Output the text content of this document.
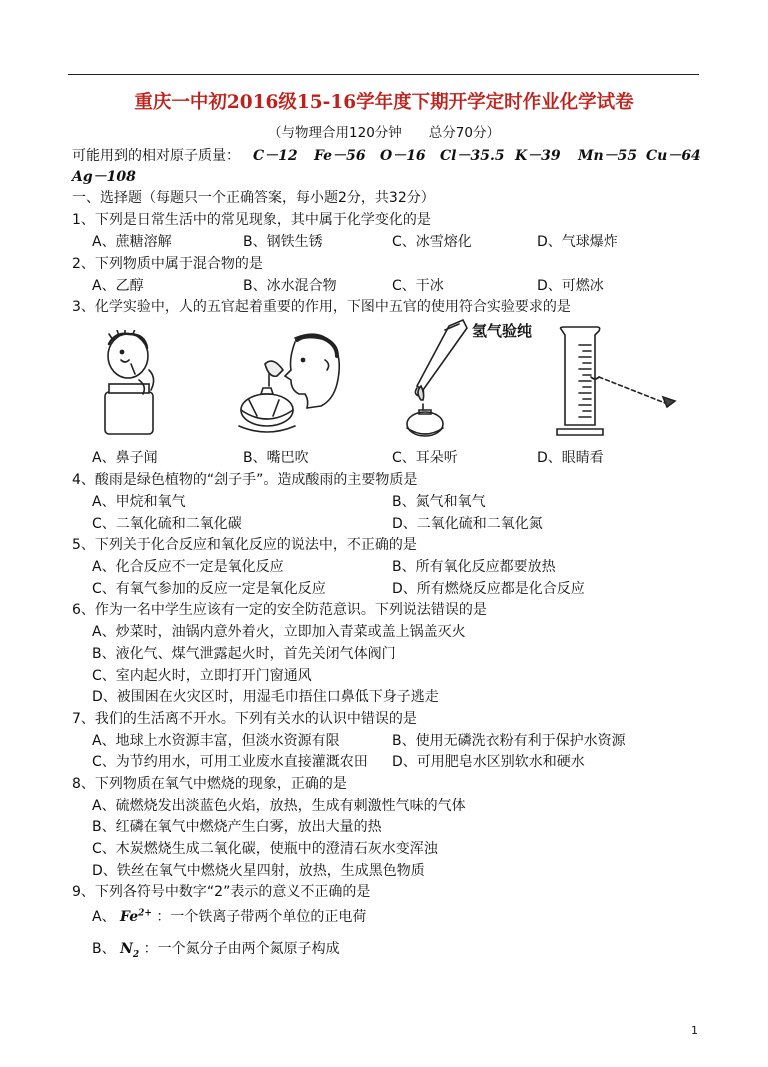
重庆一中初2016级15-16学年度下期开学定时作业化学试卷
（与物理合用120分钟　　总分70分）
可能用到的相对原子质量： C－12 Fe－56 O－16 Cl－35.5 K－39 Mn－55 Cu－64
Ag－108
一、选择题（每题只一个正确答案，每小题2分，共32分）
1、下列是日常生活中的常见现象，其中属于化学变化的是
A、蔗糖溶解	B、钢铁生锈	C、冰雪熔化	D、气球爆炸
2、下列物质中属于混合物的是
A、乙醇	B、冰水混合物	C、干冰	D、可燃冰
3、化学实验中，人的五官起着重要的作用，下图中五官的使用符合实验要求的是
氢气验纯
A、鼻子闻	B、嘴巴吹	C、耳朵听	D、眼睛看
4、酸雨是绿色植物的“刽子手”。造成酸雨的主要物质是
A、甲烷和氧气	B、氮气和氧气
C、二氧化硫和二氧化碳	D、二氧化硫和二氧化氮
5、下列关于化合反应和氧化反应的说法中，不正确的是
A、化合反应不一定是氧化反应	B、所有氧化反应都要放热
C、有氧气参加的反应一定是氧化反应	D、所有燃烧反应都是化合反应
6、作为一名中学生应该有一定的安全防范意识。下列说法错误的是
A、炒菜时，油锅内意外着火，立即加入青菜或盖上锅盖灭火
B、液化气、煤气泄露起火时，首先关闭气体阀门
C、室内起火时，立即打开门窗通风
D、被围困在火灾区时，用湿毛巾捂住口鼻低下身子逃走
7、我们的生活离不开水。下列有关水的认识中错误的是
A、地球上水资源丰富，但淡水资源有限	B、使用无磷洗衣粉有利于保护水资源
C、为节约用水，可用工业废水直接灌溉农田 D、可用肥皂水区别软水和硬水
8、下列物质在氧气中燃烧的现象，正确的是
A、硫燃烧发出淡蓝色火焰，放热，生成有刺激性气味的气体
B、红磷在氧气中燃烧产生白雾，放出大量的热
C、木炭燃烧生成二氧化碳，使瓶中的澄清石灰水变浑浊
D、铁丝在氧气中燃烧火星四射，放热，生成黑色物质
9、下列各符号中数字“2”表示的意义不正确的是
A、 $Fe^{2+}$ ：一个铁离子带两个单位的正电荷
B、 $N_2$ ：一个氮分子由两个氮原子构成
1
